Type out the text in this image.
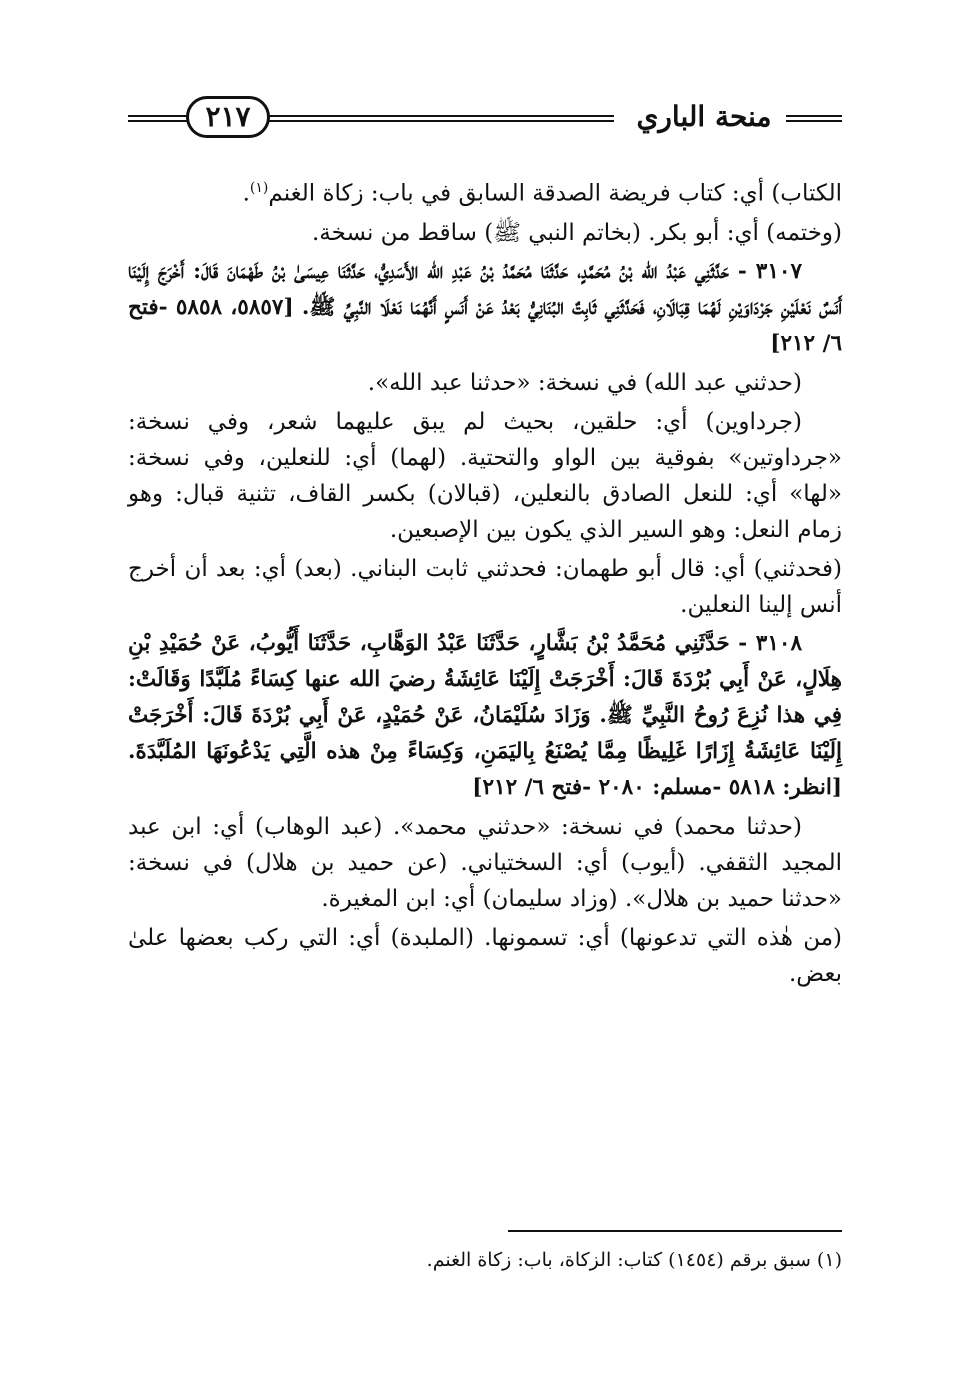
٢١٧	منحة الباري

الكتاب) أي: كتاب فريضة الصدقة السابق في باب: زكاة الغنم$^{(١)}$.

(وختمه) أي: أبو بكر. (بخاتم النبي ﷺ) ساقط من نسخة.

٣١٠٧ - حَدَّثَنِي عَبْدُ الله بْنُ مُحَمَّدٍ، حَدَّثَنَا مُحَمَّدُ بْنُ عَبْدِ الله الأَسَدِيُّ، حَدَّثَنَا عِيسَىٰ بْنُ طَهْمَانَ قَالَ: أَخْرَجَ إِلَيْنَا أَنَسٌ نَعْلَيْنِ جَرْدَاوَيْنِ لَهُمَا قِبَالَانِ، فَحَدَّثَنِي ثَابِتٌ البُنَانِيُّ بَعْدُ عَنْ أَنَسٍ أَنَّهُمَا نَعْلَا النَّبِيِّ ﷺ. [٥٨٥٧، ٥٨٥٨ -فتح ٦/ ٢١٢]

(حدثني عبد الله) في نسخة: «حدثنا عبد الله».

(جرداوين) أي: حلقين، بحيث لم يبق عليهما شعر، وفي نسخة: «جرداوتين» بفوقية بين الواو والتحتية. (لهما) أي: للنعلين، وفي نسخة: «لها» أي: للنعل الصادق بالنعلين، (قبالان) بكسر القاف، تثنية قبال: وهو زمام النعل: وهو السير الذي يكون بين الإصبعين.

(فحدثني) أي: قال أبو طهمان: فحدثني ثابت البناني. (بعد) أي: بعد أن أخرج أنس إلينا النعلين.

٣١٠٨ - حَدَّثَنِي مُحَمَّدُ بْنُ بَشَّارٍ، حَدَّثَنَا عَبْدُ الوَهَّابِ، حَدَّثَنَا أَيُّوبُ، عَنْ حُمَيْدِ بْنِ هِلَالٍ، عَنْ أَبِي بُرْدَةَ قَالَ: أَخْرَجَتْ إِلَيْنَا عَائِشَةُ رضيَ الله عنها كِسَاءً مُلَبَّدًا وَقَالَتْ: فِي هذا نُزِعَ رُوحُ النَّبِيِّ ﷺ. وَزَادَ سُلَيْمَانُ، عَنْ حُمَيْدٍ، عَنْ أَبِي بُرْدَةَ قَالَ: أَخْرَجَتْ إِلَيْنَا عَائِشَةُ إِزَارًا غَلِيظًا مِمَّا يُصْنَعُ بِاليَمَنِ، وَكِسَاءً مِنْ هذه الَّتِي يَدْعُونَهَا المُلَبَّدَةَ. [انظر: ٥٨١٨ -مسلم: ٢٠٨٠ -فتح ٦/ ٢١٢]

(حدثنا محمد) في نسخة: «حدثني محمد». (عبد الوهاب) أي: ابن عبد المجيد الثقفي. (أيوب) أي: السختياني. (عن حميد بن هلال) في نسخة: «حدثنا حميد بن هلال». (وزاد سليمان) أي: ابن المغيرة.

(من هٰذه التي تدعونها) أي: تسمونها. (الملبدة) أي: التي ركب بعضها علىٰ بعض.

(١) سبق برقم (١٤٥٤) كتاب: الزكاة، باب: زكاة الغنم.
